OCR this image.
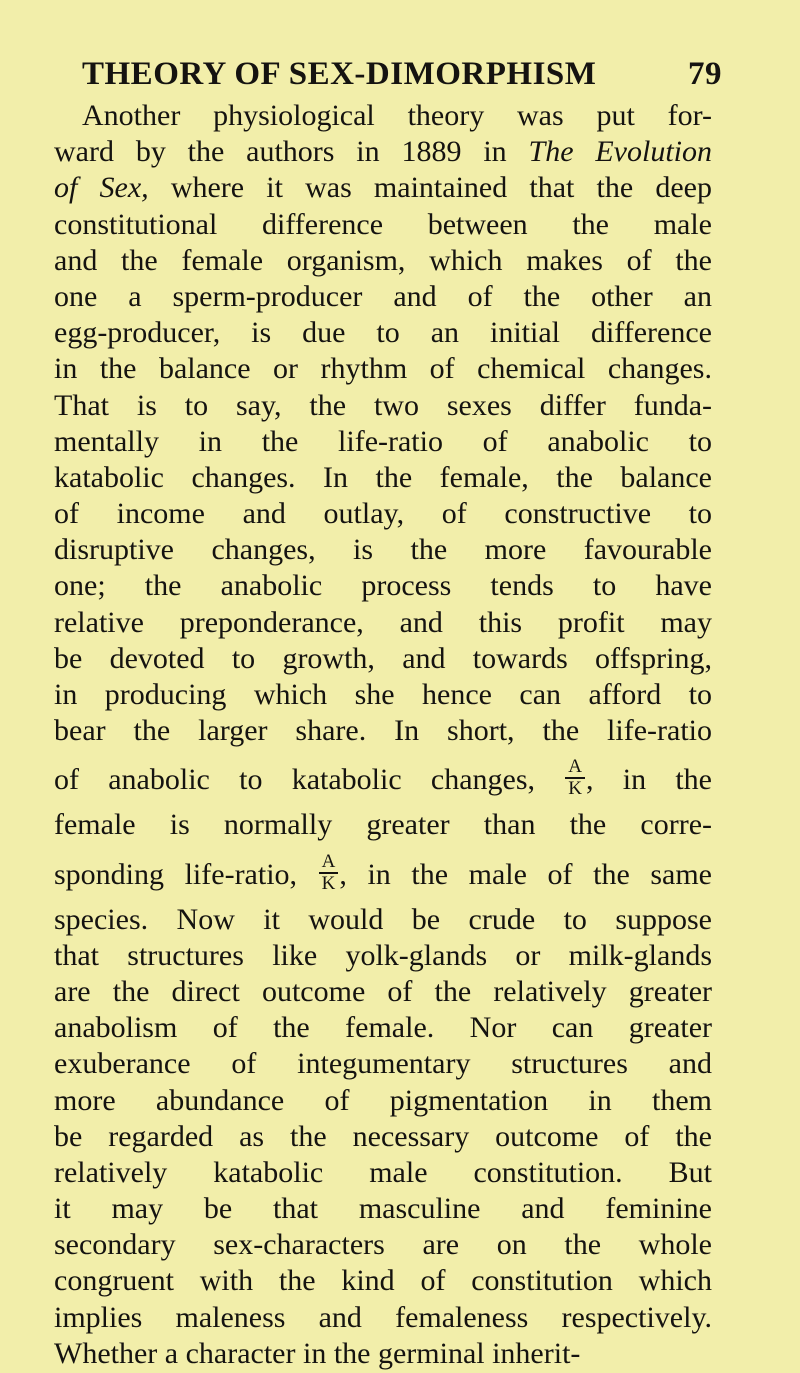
THEORY OF SEX-DIMORPHISM	79
Another physiological theory was put for-
ward by the authors in 1889 in The Evolution
of Sex, where it was maintained that the deep
constitutional difference between the male
and the female organism, which makes of the
one a sperm-producer and of the other an
egg-producer, is due to an initial difference
in the balance or rhythm of chemical changes.
That is to say, the two sexes differ funda-
mentally in the life-ratio of anabolic to
katabolic changes. In the female, the balance
of income and outlay, of constructive to
disruptive changes, is the more favourable
one; the anabolic process tends to have
relative preponderance, and this profit may
be devoted to growth, and towards offspring,
in producing which she hence can afford to
bear the larger share. In short, the life-ratio
of anabolic to katabolic changes, $\frac{A}{K}$ , in the
female is normally greater than the corre-
sponding life-ratio, $\frac{A}{K}$ , in the male of the same
species. Now it would be crude to suppose
that structures like yolk-glands or milk-glands
are the direct outcome of the relatively greater
anabolism of the female. Nor can greater
exuberance of integumentary structures and
more abundance of pigmentation in them
be regarded as the necessary outcome of the
relatively katabolic male constitution. But
it may be that masculine and feminine
secondary sex-characters are on the whole
congruent with the kind of constitution which
implies maleness and femaleness respectively.
Whether a character in the germinal inherit-
